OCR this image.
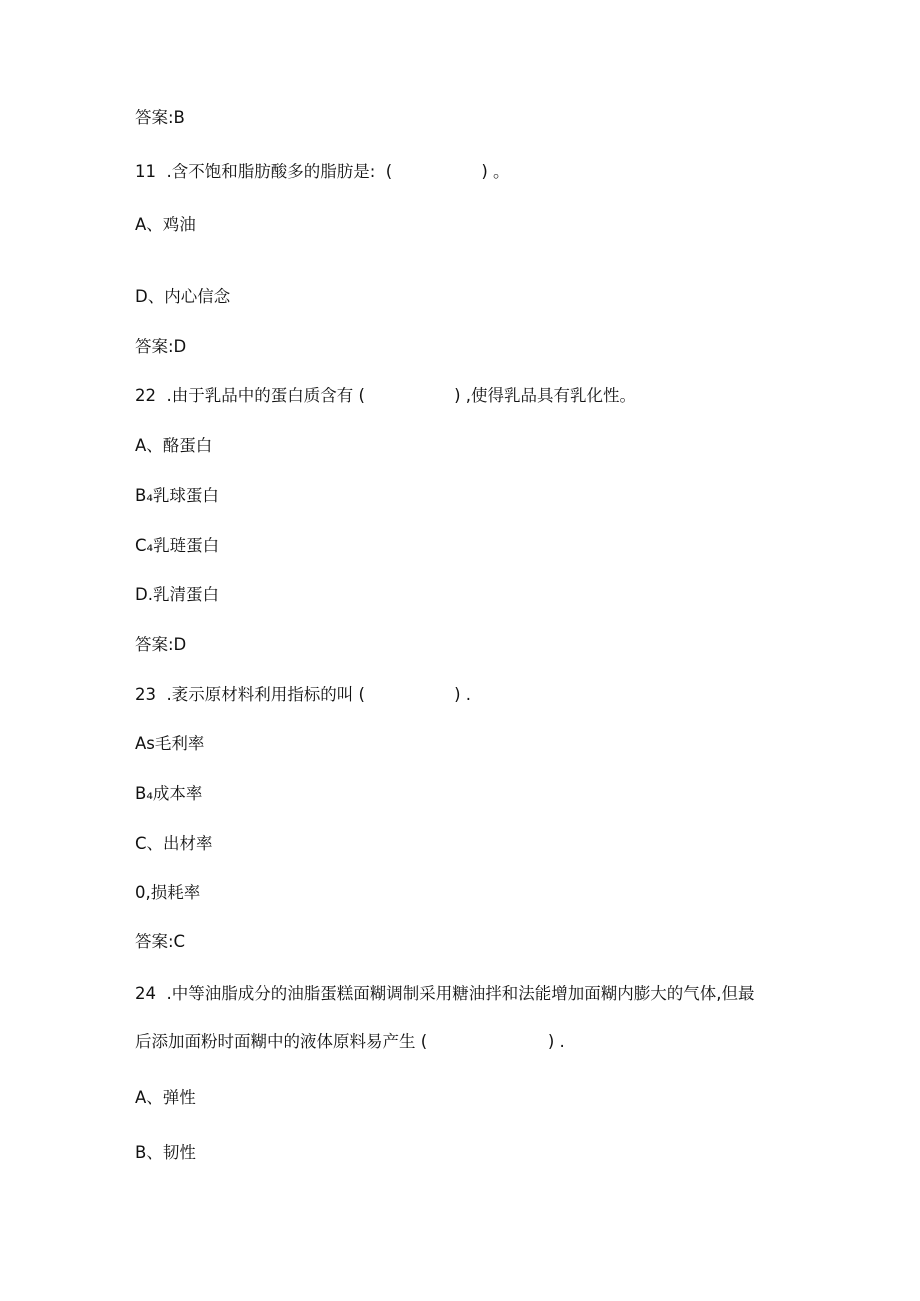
答案:B
11  .含不饱和脂肪酸多的脂肪是:  (                 ) 。
A、鸡油
D、内心信念
答案:D
22  .由于乳品中的蛋白质含有 (                 ) ,使得乳品具有乳化性。
A、酪蛋白
B₄乳球蛋白
C₄乳琏蛋白
D.乳清蛋白
答案:D
23  .袤示原材料利用指标的叫 (                 ) .
As毛利率
B₄成本率
C、出材率
0,损耗率
答案:C
24  .中等油脂成分的油脂蛋糕面糊调制采用糖油拌和法能增加面糊内膨大的气体,但最
后添加面粉时面糊中的液体原料易产生 (                       ) .
A、弹性
B、韧性
